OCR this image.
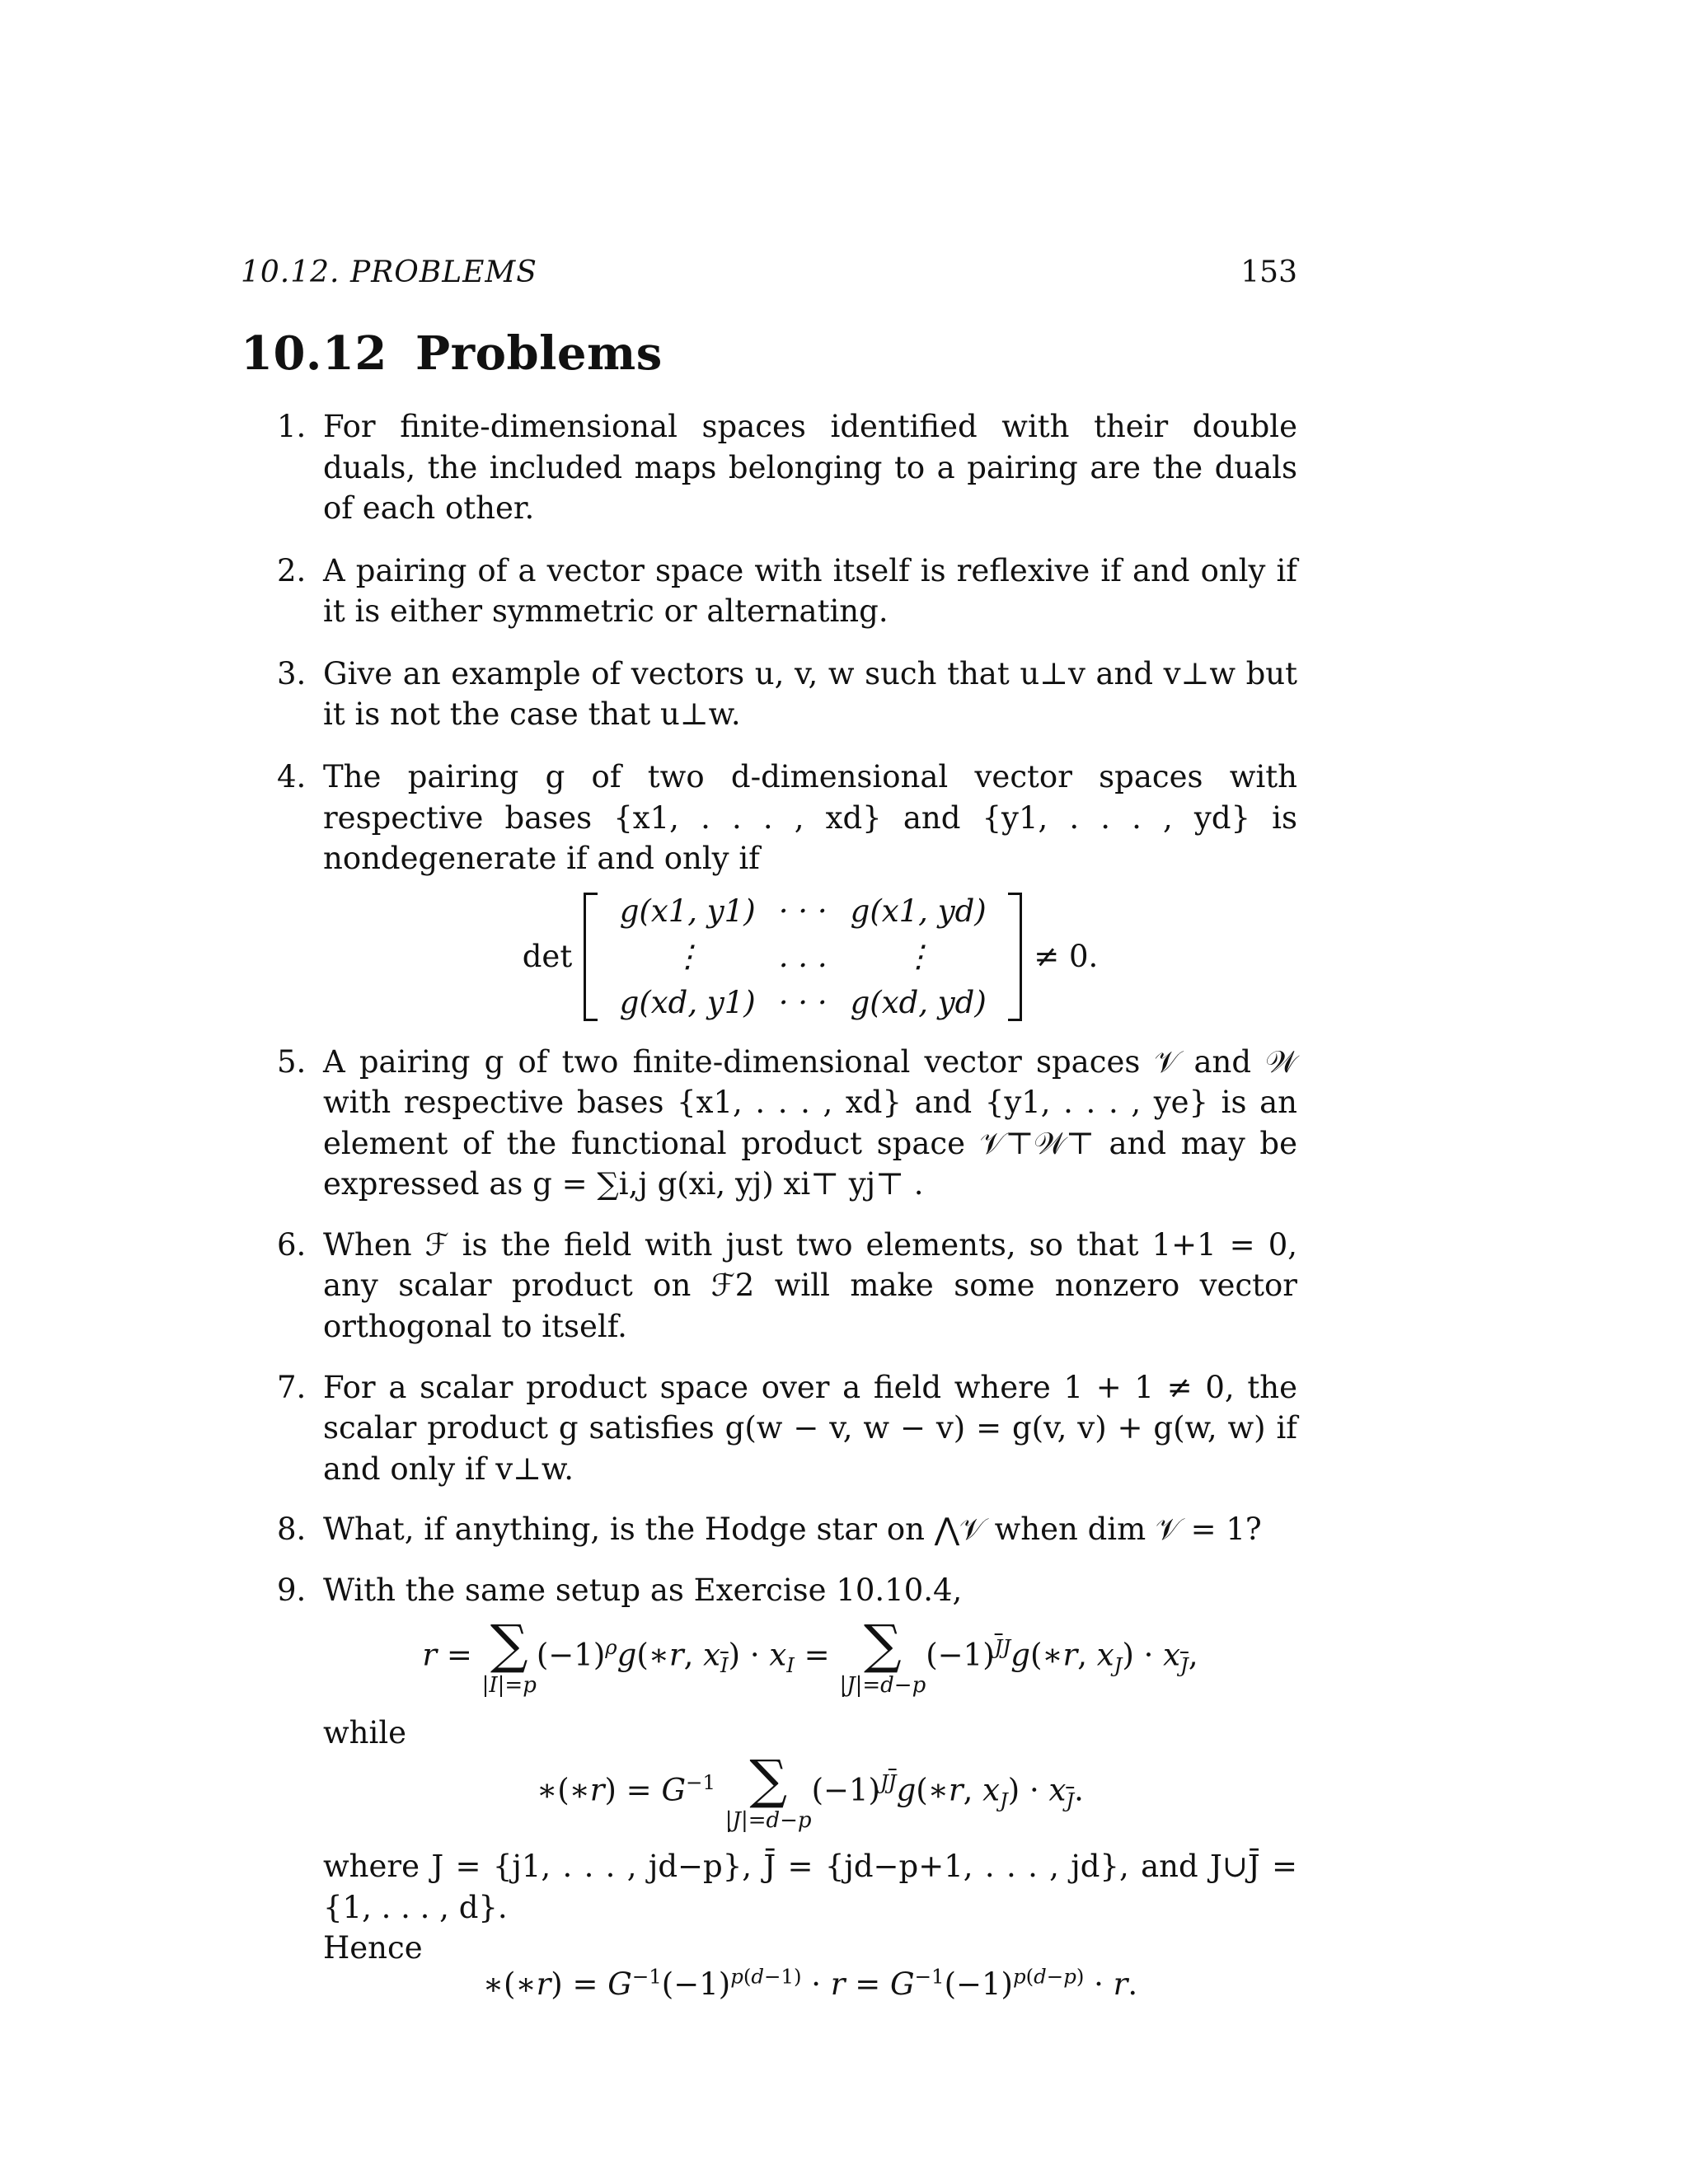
10.12. PROBLEMS	153
10.12 Problems
1. For finite-dimensional spaces identified with their double duals, the included maps belonging to a pairing are the duals of each other.
2. A pairing of a vector space with itself is reflexive if and only if it is either symmetric or alternating.
3. Give an example of vectors u, v, w such that u⊥v and v⊥w but it is not the case that u⊥w.
4. The pairing g of two d-dimensional vector spaces with respective bases {x1, . . . , xd} and {y1, . . . , yd} is nondegenerate if and only if
det
g(x1, y1) · · · g(x1, yd)
⋮	. . .	⋮
g(xd, y1) · · · g(xd, yd)
≠ 0.
5. A pairing g of two finite-dimensional vector spaces 𝒱 and 𝒲 with respective bases {x1, . . . , xd} and {y1, . . . , ye} is an element of the functional product space 𝒱⊤𝒲⊤ and may be expressed as g = ∑i,j g(xi, yj) xi⊤ yj⊤ .
6. When ℱ is the field with just two elements, so that 1+1 = 0, any scalar product on ℱ2 will make some nonzero vector orthogonal to itself.
7. For a scalar product space over a field where 1 + 1 ≠ 0, the scalar product g satisfies g(w − v, w − v) = g(v, v) + g(w, w) if and only if v⊥w.
8. What, if anything, is the Hodge star on ⋀𝒱 when dim 𝒱 = 1?
9. With the same setup as Exercise 10.10.4,
r = ∑
|I|=p
$(-1)^\rho g(∗r$, $x_{\overline{I}}) \cdot x_I$ = ∑
|J|=d−p
$(-1)^{\overline{J}J}g(∗r$, $x_J) \cdot x_{\overline{J}}$,
while
∗(∗r) = $G^{-1}$ ∑
|J|=d−p
$(-1)^{J\overline{J}}g(∗r$, $x_J) \cdot x_{\overline{J}}$.
where J = {j1, . . . , jd−p}, J̄ = {jd−p+1, . . . , jd}, and J∪J̄ = {1, . . . , d}.
Hence
∗(∗r) = $G^{-1}(-1)^{p(d-1)} \cdot r = G^{-1}(-1)^{p(d-p)} \cdot r$.
